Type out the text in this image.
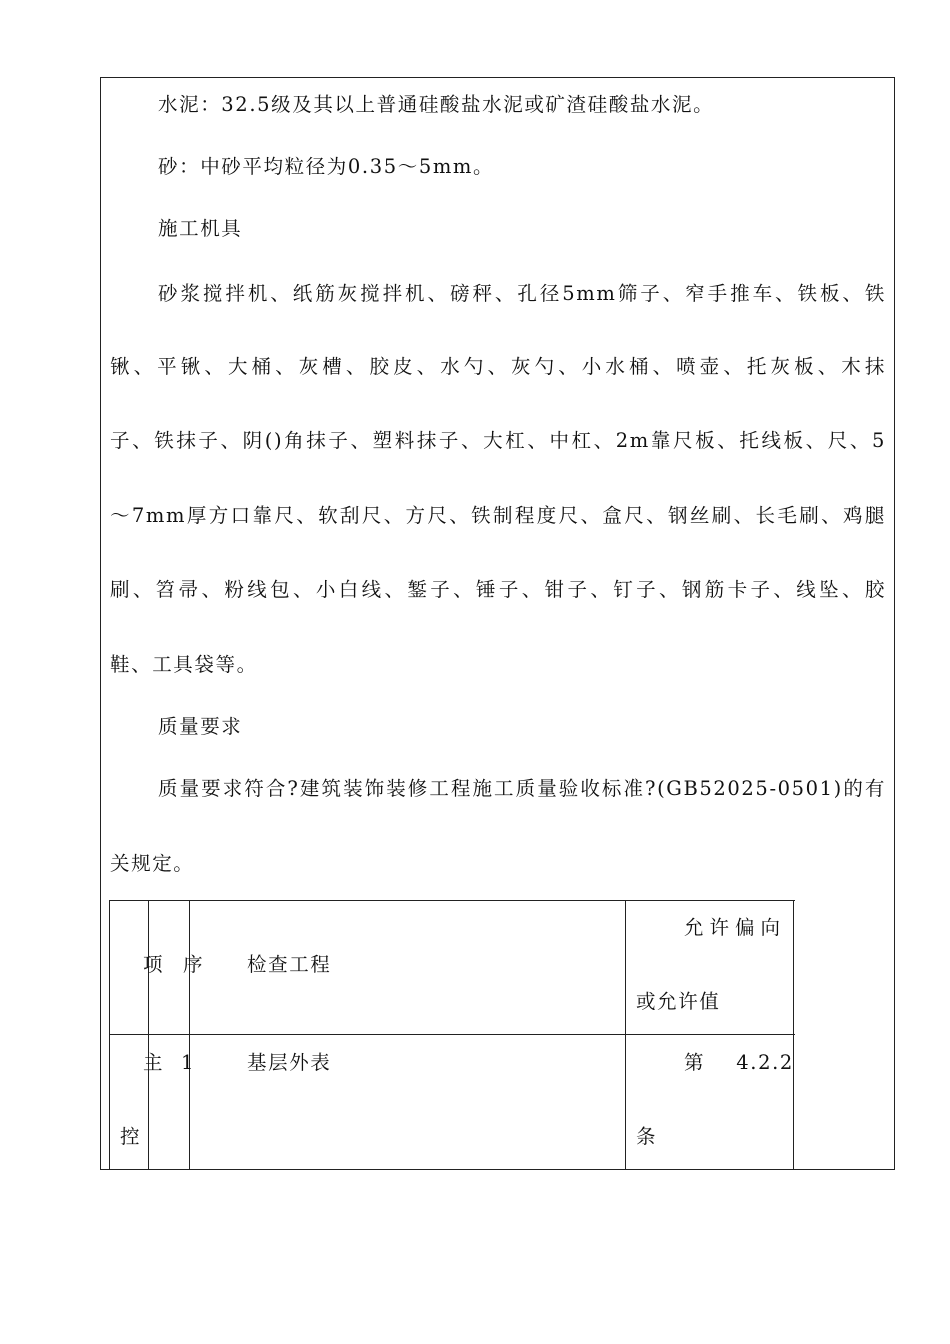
水泥：32.5级及其以上普通硅酸盐水泥或矿渣硅酸盐水泥。
砂：中砂平均粒径为0.35～5mm。
施工机具
砂浆搅拌机、纸筋灰搅拌机、磅秤、孔径5mm筛子、窄手推车、铁板、铁
锹、平锹、大桶、灰槽、胶皮、水勺、灰勺、小水桶、喷壶、托灰板、木抹
子、铁抹子、阴()角抹子、塑料抹子、大杠、中杠、2m靠尺板、托线板、尺、5
～7mm厚方口靠尺、软刮尺、方尺、铁制程度尺、盒尺、钢丝刷、长毛刷、鸡腿
刷、笤帚、粉线包、小白线、錾子、锤子、钳子、钉子、钢筋卡子、线坠、胶
鞋、工具袋等。
质量要求
质量要求符合?建筑装饰装修工程施工质量验收标准?(GB52025-0501)的有
关规定。
项 序 检查工程
允许偏向
或允许值
主
控
1	基层外表	第    4.2.2
条
